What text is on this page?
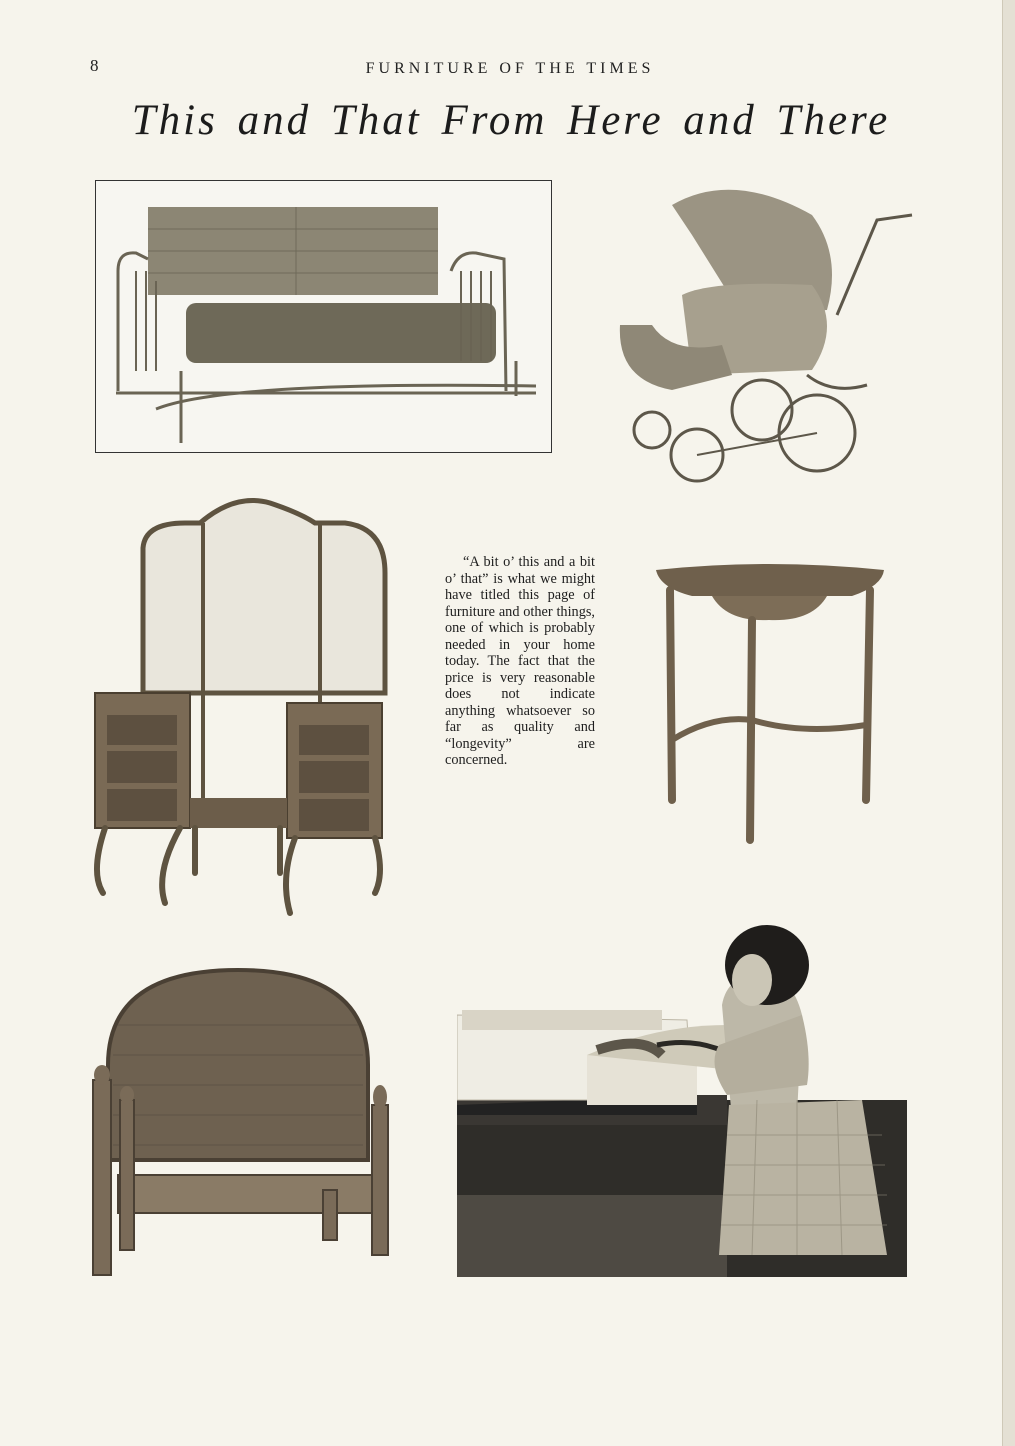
8	FURNITURE OF THE TIMES
This and That From Here and There

“A bit o’ this and a bit o’ that” is what we might have titled this page of furniture and other things, one of which is probably needed in your home today. The fact that the price is very reasonable does not indicate anything whatsoever so far as quality and “longevity” are concerned.
